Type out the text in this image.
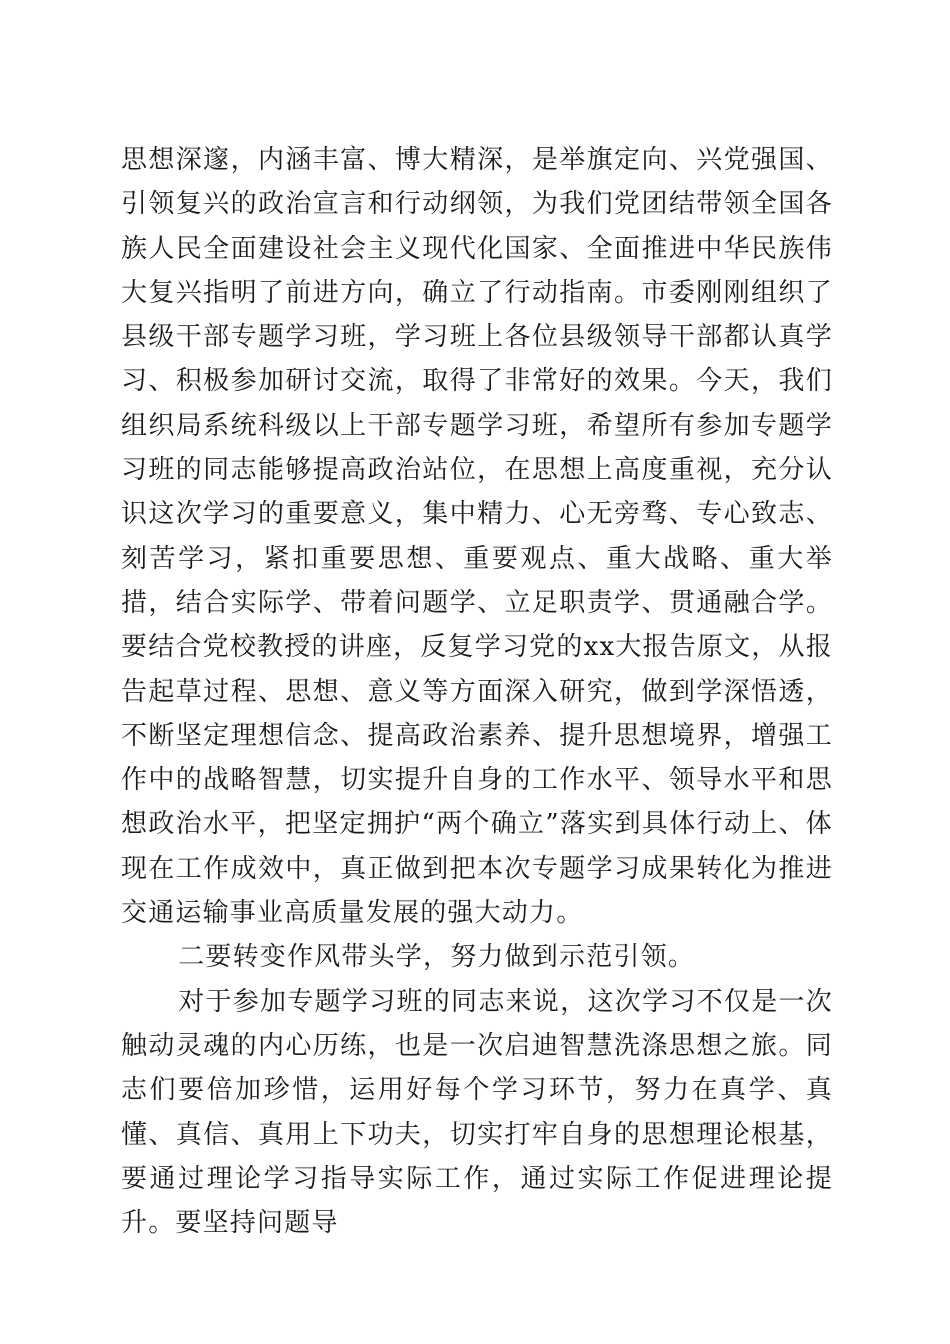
思想深邃，内涵丰富、博大精深，是举旗定向、兴党强国、引领复兴的政治宣言和行动纲领，为我们党团结带领全国各族人民全面建设社会主义现代化国家、全面推进中华民族伟大复兴指明了前进方向，确立了行动指南。市委刚刚组织了县级干部专题学习班，学习班上各位县级领导干部都认真学习、积极参加研讨交流，取得了非常好的效果。今天，我们组织局系统科级以上干部专题学习班，希望所有参加专题学习班的同志能够提高政治站位，在思想上高度重视，充分认识这次学习的重要意义，集中精力、心无旁骛、专心致志、刻苦学习，紧扣重要思想、重要观点、重大战略、重大举措，结合实际学、带着问题学、立足职责学、贯通融合学。要结合党校教授的讲座，反复学习党的xx大报告原文，从报告起草过程、思想、意义等方面深入研究，做到学深悟透，不断坚定理想信念、提高政治素养、提升思想境界，增强工作中的战略智慧，切实提升自身的工作水平、领导水平和思想政治水平，把坚定拥护“两个确立”落实到具体行动上、体现在工作成效中，真正做到把本次专题学习成果转化为推进交通运输事业高质量发展的强大动力。

二要转变作风带头学，努力做到示范引领。

对于参加专题学习班的同志来说，这次学习不仅是一次触动灵魂的内心历练，也是一次启迪智慧洗涤思想之旅。同志们要倍加珍惜，运用好每个学习环节，努力在真学、真懂、真信、真用上下功夫，切实打牢自身的思想理论根基，要通过理论学习指导实际工作，通过实际工作促进理论提升。要坚持问题导
